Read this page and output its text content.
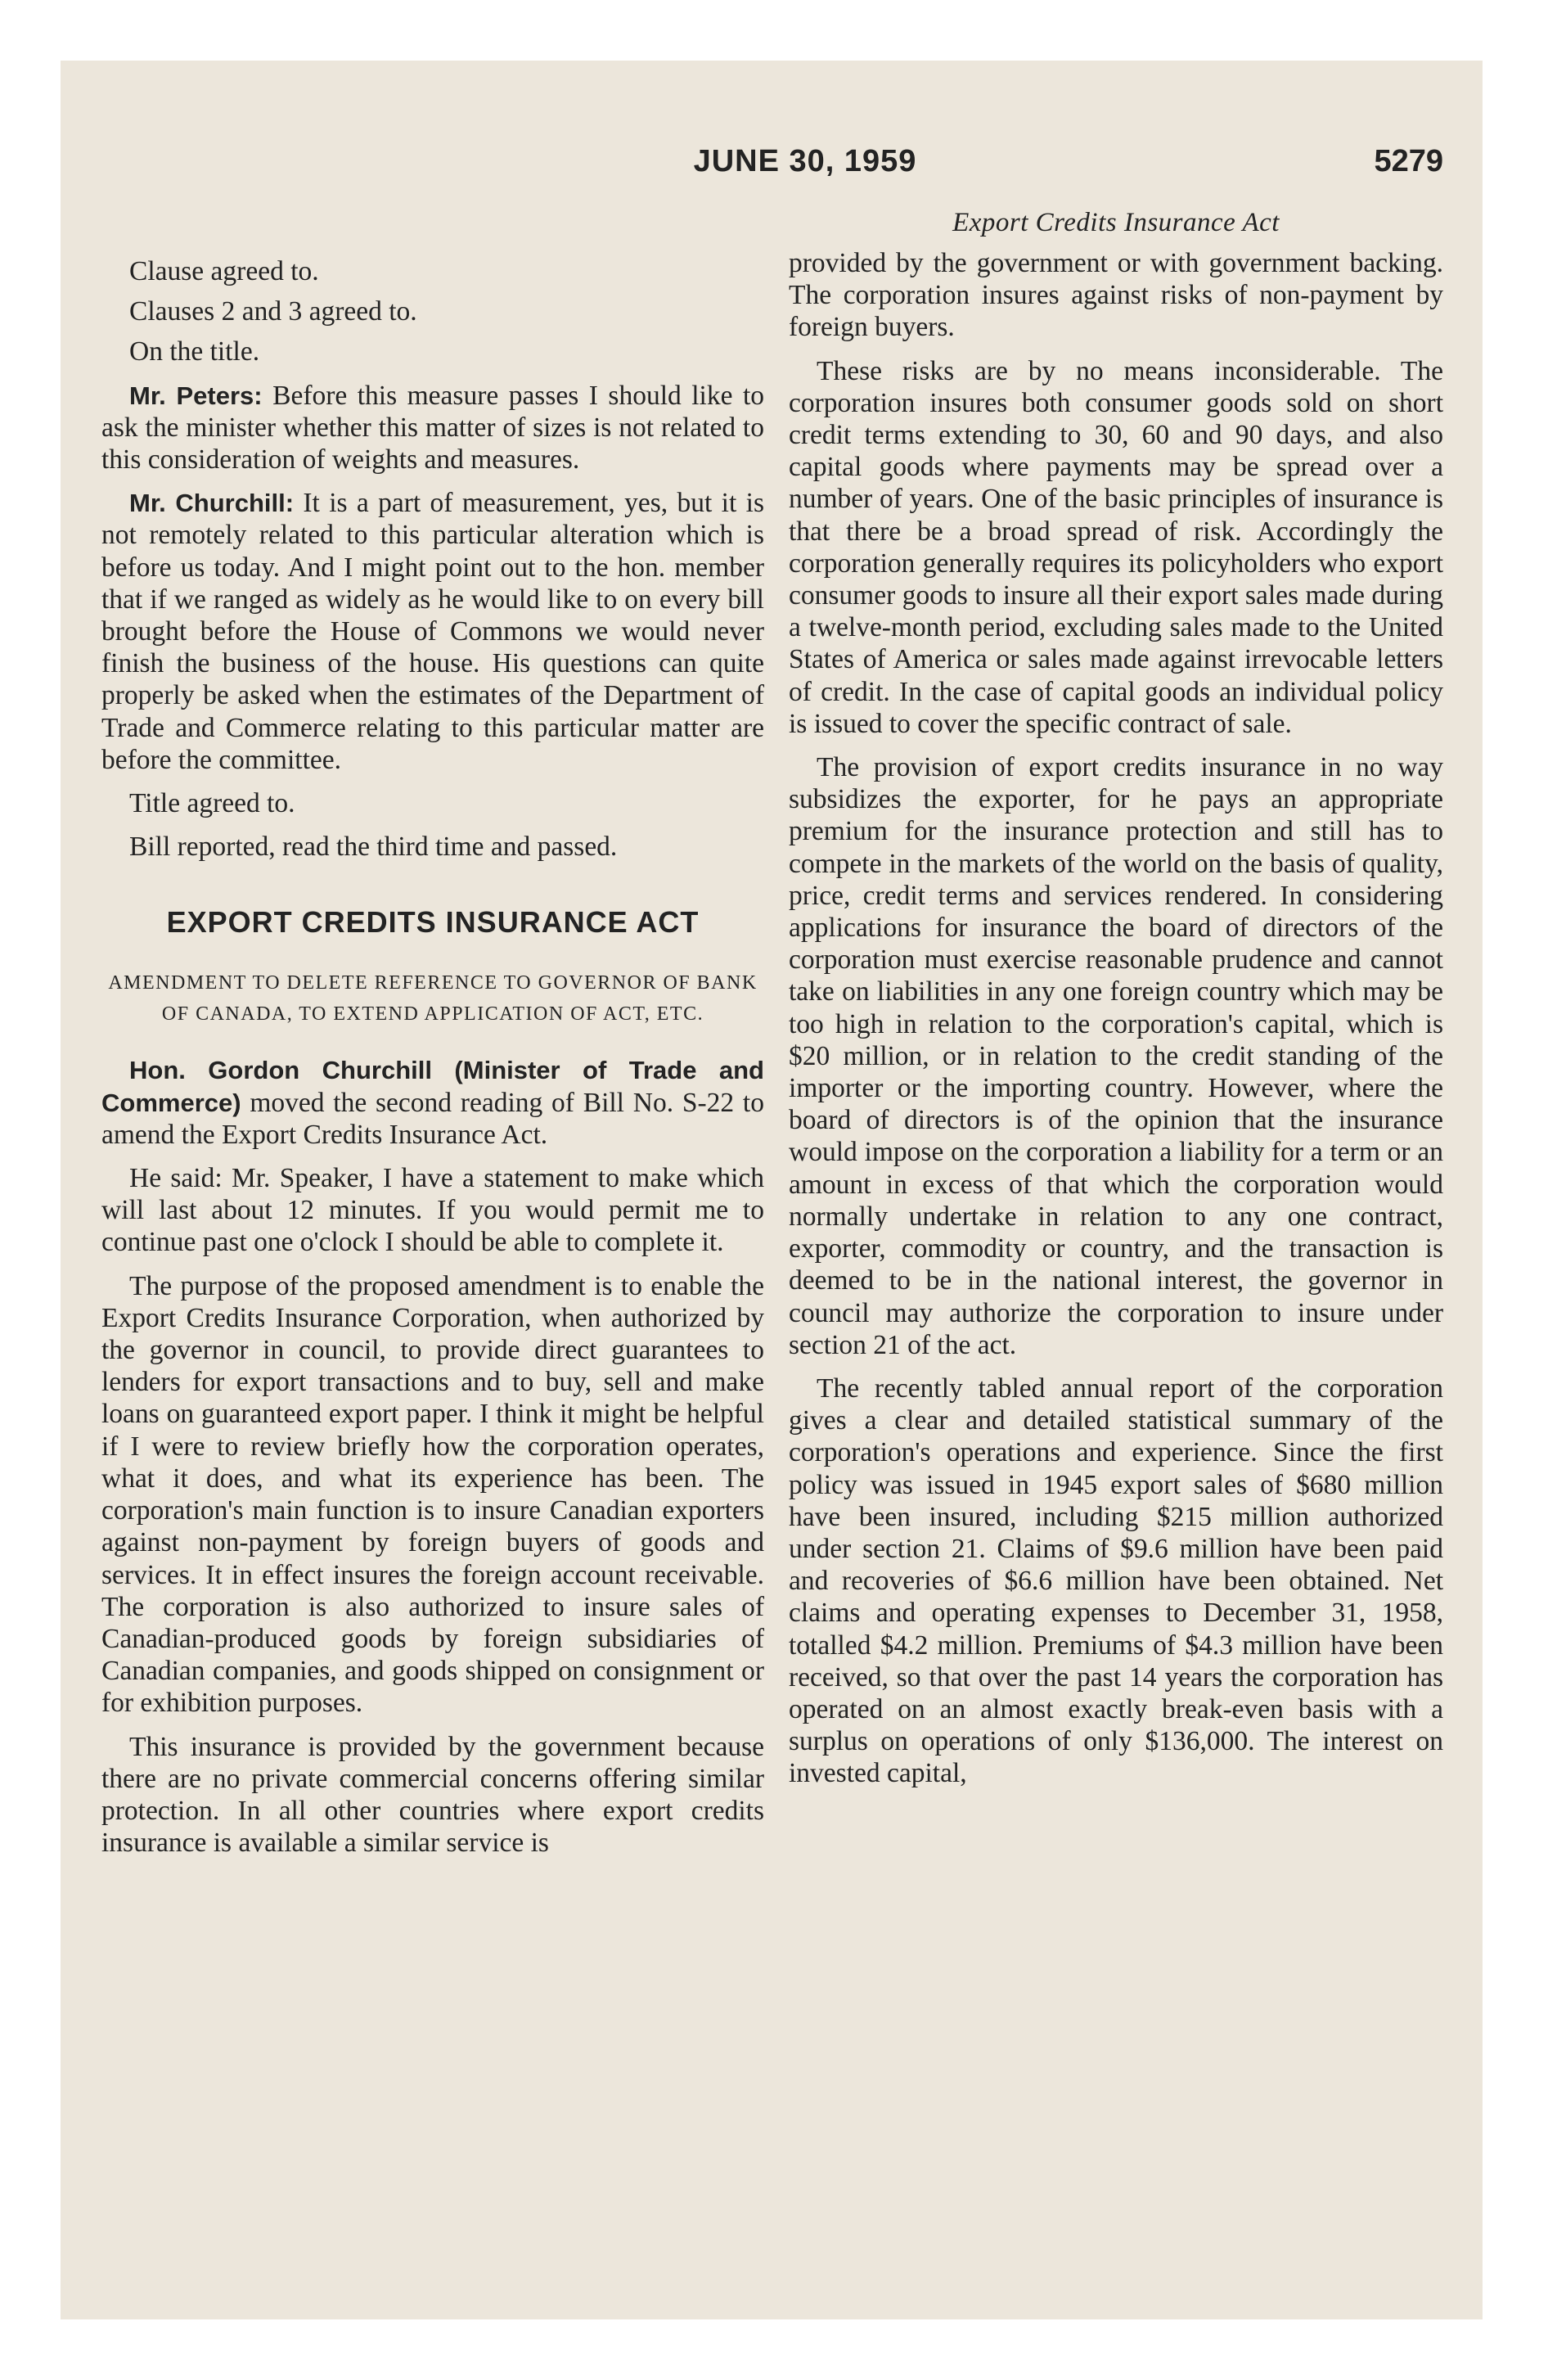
JUNE 30, 1959	5279

Clause agreed to.

Clauses 2 and 3 agreed to.

On the title.

Mr. Peters: Before this measure passes I should like to ask the minister whether this matter of sizes is not related to this consideration of weights and measures.

Mr. Churchill: It is a part of measurement, yes, but it is not remotely related to this particular alteration which is before us today. And I might point out to the hon. member that if we ranged as widely as he would like to on every bill brought before the House of Commons we would never finish the business of the house. His questions can quite properly be asked when the estimates of the Department of Trade and Commerce relating to this particular matter are before the committee.

Title agreed to.

Bill reported, read the third time and passed.

EXPORT CREDITS INSURANCE ACT
AMENDMENT TO DELETE REFERENCE TO GOVERNOR OF BANK OF CANADA, TO EXTEND APPLICATION OF ACT, ETC.

Hon. Gordon Churchill (Minister of Trade and Commerce) moved the second reading of Bill No. S-22 to amend the Export Credits Insurance Act.

He said: Mr. Speaker, I have a statement to make which will last about 12 minutes. If you would permit me to continue past one o'clock I should be able to complete it.

The purpose of the proposed amendment is to enable the Export Credits Insurance Corporation, when authorized by the governor in council, to provide direct guarantees to lenders for export transactions and to buy, sell and make loans on guaranteed export paper. I think it might be helpful if I were to review briefly how the corporation operates, what it does, and what its experience has been. The corporation's main function is to insure Canadian exporters against non-payment by foreign buyers of goods and services. It in effect insures the foreign account receivable. The corporation is also authorized to insure sales of Canadian-produced goods by foreign subsidiaries of Canadian companies, and goods shipped on consignment or for exhibition purposes.

This insurance is provided by the government because there are no private commercial concerns offering similar protection. In all other countries where export credits insurance is available a similar service is

Export Credits Insurance Act

provided by the government or with government backing. The corporation insures against risks of non-payment by foreign buyers.

These risks are by no means inconsiderable. The corporation insures both consumer goods sold on short credit terms extending to 30, 60 and 90 days, and also capital goods where payments may be spread over a number of years. One of the basic principles of insurance is that there be a broad spread of risk. Accordingly the corporation generally requires its policyholders who export consumer goods to insure all their export sales made during a twelve-month period, excluding sales made to the United States of America or sales made against irrevocable letters of credit. In the case of capital goods an individual policy is issued to cover the specific contract of sale.

The provision of export credits insurance in no way subsidizes the exporter, for he pays an appropriate premium for the insurance protection and still has to compete in the markets of the world on the basis of quality, price, credit terms and services rendered. In considering applications for insurance the board of directors of the corporation must exercise reasonable prudence and cannot take on liabilities in any one foreign country which may be too high in relation to the corporation's capital, which is $20 million, or in relation to the credit standing of the importer or the importing country. However, where the board of directors is of the opinion that the insurance would impose on the corporation a liability for a term or an amount in excess of that which the corporation would normally undertake in relation to any one contract, exporter, commodity or country, and the transaction is deemed to be in the national interest, the governor in council may authorize the corporation to insure under section 21 of the act.

The recently tabled annual report of the corporation gives a clear and detailed statistical summary of the corporation's operations and experience. Since the first policy was issued in 1945 export sales of $680 million have been insured, including $215 million authorized under section 21. Claims of $9.6 million have been paid and recoveries of $6.6 million have been obtained. Net claims and operating expenses to December 31, 1958, totalled $4.2 million. Premiums of $4.3 million have been received, so that over the past 14 years the corporation has operated on an almost exactly break-even basis with a surplus on operations of only $136,000. The interest on invested capital,
